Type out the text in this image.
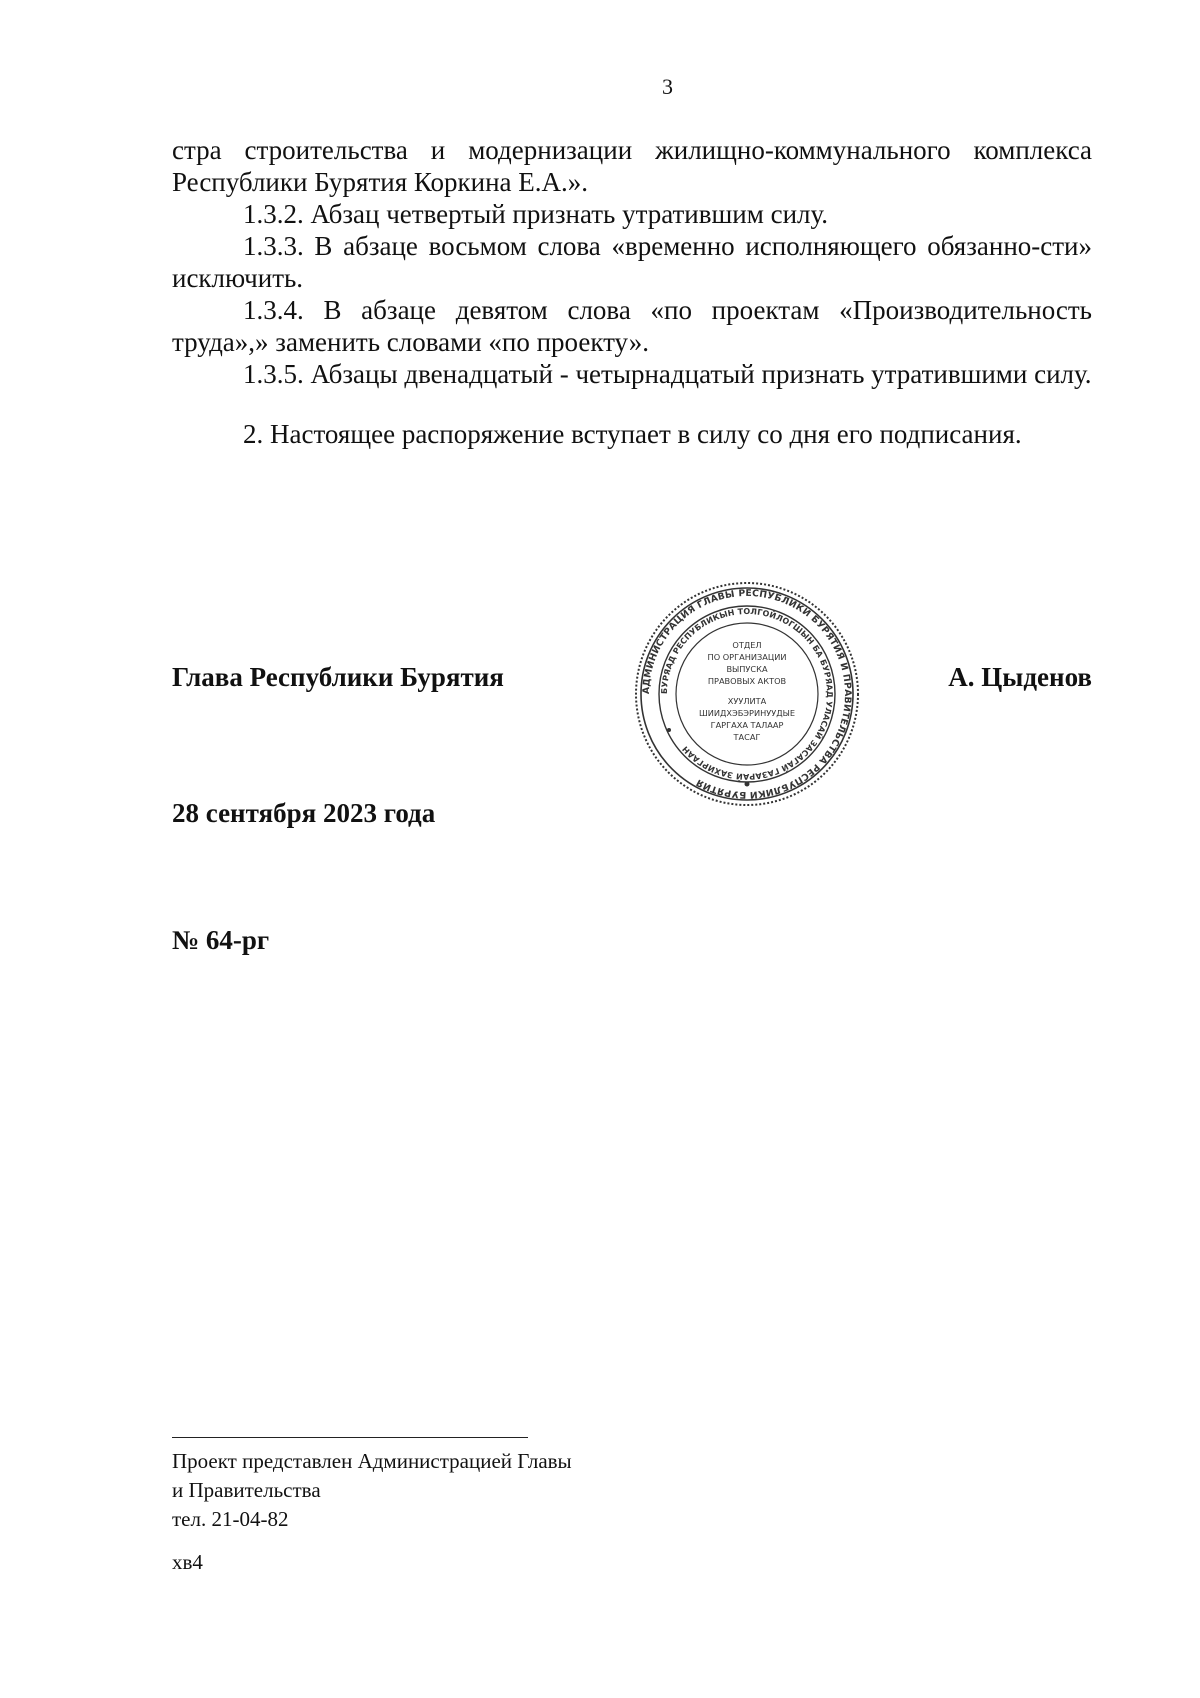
3

стра строительства и модернизации жилищно-коммунального комплекса Республики Бурятия Коркина Е.А.».

1.3.2. Абзац четвертый признать утратившим силу.

1.3.3. В абзаце восьмом слова «временно исполняющего обязанно-сти» исключить.

1.3.4. В абзаце девятом слова «по проектам «Производительность труда»,» заменить словами «по проекту».

1.3.5. Абзацы двенадцатый - четырнадцатый признать утратившими силу.

2. Настоящее распоряжение вступает в силу со дня его подписания.

АДМИНИСТРАЦИЯ ГЛАВЫ РЕСПУБЛИКИ БУРЯТИЯ И ПРАВИТЕЛЬСТВА РЕСПУБЛИКИ БУРЯТИЯ
БУРЯАД РЕСПУБЛИКЫН ТОЛГОЙЛОГШЫН БА БУРЯАД УЛАСАЙ ЗАСАГАЙ ГАЗАРАЙ ЗАХИРГААН
ОТДЕЛ
ПО ОРГАНИЗАЦИИ
ВЫПУСКА
ПРАВОВЫХ АКТОВ
ХУУЛИТА
ШИИДХЭБЭРИНУУДЫЕ
ГАРГАХА ТАЛААР
ТАСАГ
Глава Республики Бурятия	А. Цыденов
28 сентября 2023 года
№ 64-рг
Проект представлен Администрацией Главы
и Правительства
тел. 21-04-82
хв4
